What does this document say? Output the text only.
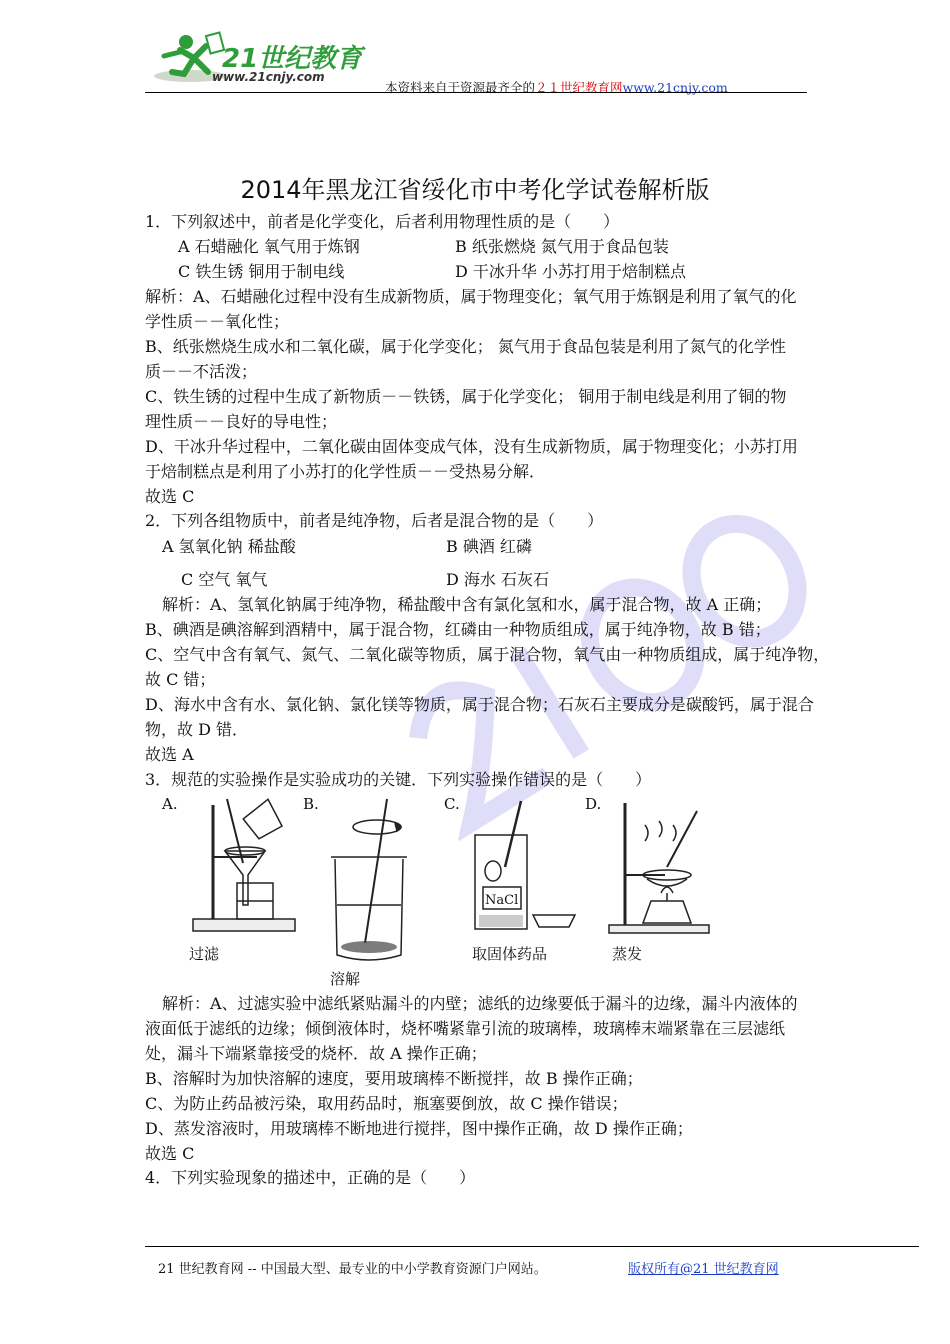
21世纪教育
www.21cnjy.com
本资料来自于资源最齐全的２１世纪教育网www.21cnjy.com
2014年黑龙江省绥化市中考化学试卷解析版
1．下列叙述中，前者是化学变化，后者利用物理性质的是（　　）
A 石蜡融化 氧气用于炼钢	B 纸张燃烧 氮气用于食品包装
C 铁生锈 铜用于制电线	D 干冰升华 小苏打用于焙制糕点
解析：A、石蜡融化过程中没有生成新物质，属于物理变化；氧气用于炼钢是利用了氧气的化
学性质－－氧化性；
B、纸张燃烧生成水和二氧化碳，属于化学变化； 氮气用于食品包装是利用了氮气的化学性
质－－不活泼；
C、铁生锈的过程中生成了新物质－－铁锈，属于化学变化； 铜用于制电线是利用了铜的物
理性质－－良好的导电性；
D、干冰升华过程中，二氧化碳由固体变成气体，没有生成新物质，属于物理变化；小苏打用
于焙制糕点是利用了小苏打的化学性质－－受热易分解．
故选 C
2．下列各组物质中，前者是纯净物，后者是混合物的是（　　）
A 氢氧化钠 稀盐酸	B 碘酒 红磷
C 空气 氧气	D 海水 石灰石
解析：A、氢氧化钠属于纯净物，稀盐酸中含有氯化氢和水，属于混合物，故 A 正确；
B、碘酒是碘溶解到酒精中，属于混合物，红磷由一种物质组成，属于纯净物，故 B 错；
C、空气中含有氧气、氮气、二氧化碳等物质，属于混合物，氧气由一种物质组成，属于纯净物，
故 C 错；
D、海水中含有水、氯化钠、氯化镁等物质，属于混合物；石灰石主要成分是碳酸钙，属于混合
物，故 D 错．
故选 A
3．规范的实验操作是实验成功的关键．下列实验操作错误的是（　　）
A.	B.	C.	D.
过滤
溶解
NaCl
取固体药品	蒸发
解析：A、过滤实验中滤纸紧贴漏斗的内壁；滤纸的边缘要低于漏斗的边缘，漏斗内液体的
液面低于滤纸的边缘；倾倒液体时，烧杯嘴紧靠引流的玻璃棒，玻璃棒末端紧靠在三层滤纸
处，漏斗下端紧靠接受的烧杯．故 A 操作正确；
B、溶解时为加快溶解的速度，要用玻璃棒不断搅拌，故 B 操作正确；
C、为防止药品被污染，取用药品时，瓶塞要倒放，故 C 操作错误；
D、蒸发溶液时，用玻璃棒不断地进行搅拌，图中操作正确，故 D 操作正确；
故选 C
4．下列实验现象的描述中，正确的是（　　）
21 世纪教育网 -- 中国最大型、最专业的中小学教育资源门户网站。	版权所有@21 世纪教育网
